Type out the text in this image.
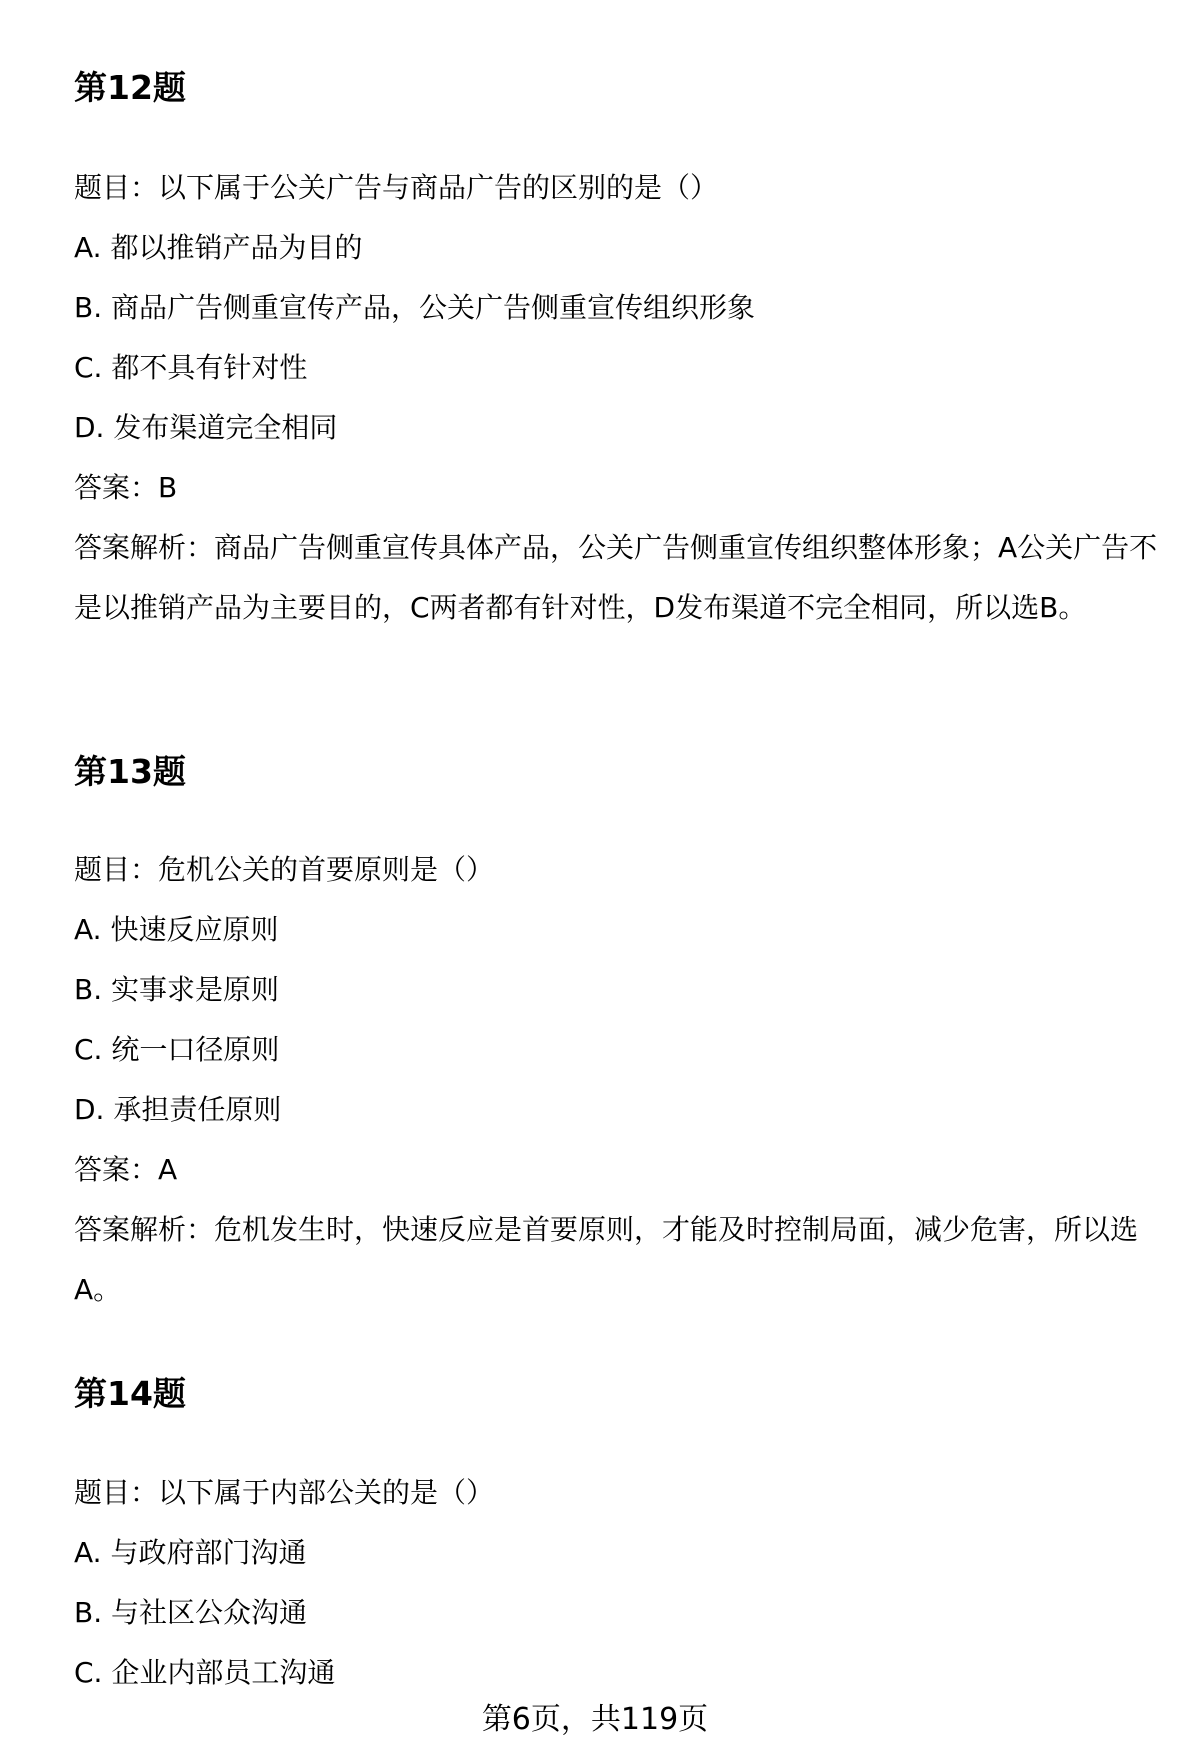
第12题

题目：以下属于公关广告与商品广告的区别的是（）

A. 都以推销产品为目的

B. 商品广告侧重宣传产品，公关广告侧重宣传组织形象

C. 都不具有针对性

D. 发布渠道完全相同

答案：B

答案解析：商品广告侧重宣传具体产品，公关广告侧重宣传组织整体形象；A公关广告不是以推销产品为主要目的，C两者都有针对性，D发布渠道不完全相同，所以选B。

第13题

题目：危机公关的首要原则是（）

A. 快速反应原则

B. 实事求是原则

C. 统一口径原则

D. 承担责任原则

答案：A

答案解析：危机发生时，快速反应是首要原则，才能及时控制局面，减少危害，所以选A。

第14题

题目：以下属于内部公关的是（）

A. 与政府部门沟通

B. 与社区公众沟通

C. 企业内部员工沟通

第6页，共119页
